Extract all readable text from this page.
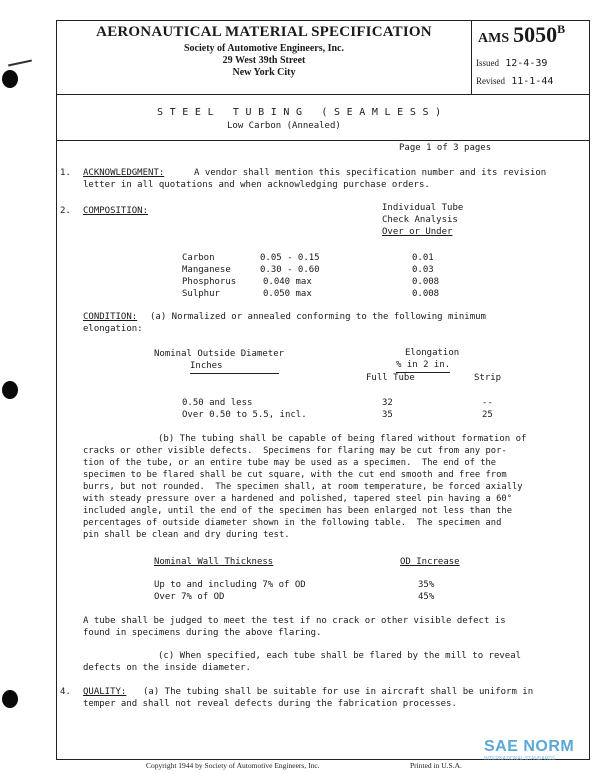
AERONAUTICAL MATERIAL SPECIFICATION
Society of Automotive Engineers, Inc.
29 West 39th Street
New York City
AMS $5050^B$
Issued 12-4-39
Revised 11-1-44
S T E E L   T U B I N G   ( S E A M L E S S )
Low Carbon (Annealed)
Page 1 of 3 pages
1. ACKNOWLEDGMENT:	A vendor shall mention this specification number and its revision
letter in all quotations and when acknowledging purchase orders.
2. COMPOSITION:	Individual Tube
Check Analysis
Over or Under
Carbon	0.05 - 0.15	0.01
Manganese	0.30 - 0.60	0.03
Phosphorus	0.040 max	0.008
Sulphur	0.050 max	0.008
CONDITION: (a) Normalized or annealed conforming to the following minimum
elongation:
Nominal Outside Diameter
Inches
Elongation
% in 2 in.
Full Tube	Strip
0.50 and less	32	--
Over 0.50 to 5.5, incl.	35	25
(b) The tubing shall be capable of being flared without formation of
cracks or other visible defects.  Specimens for flaring may be cut from any por-
tion of the tube, or an entire tube may be used as a specimen.  The end of the
specimen to be flared shall be cut square, with the cut end smooth and free from
burrs, but not rounded.  The specimen shall, at room temperature, be forced axially
with steady pressure over a hardened and polished, tapered steel pin having a 60°
included angle, until the end of the specimen has been enlarged not less than the
percentages of outside diameter shown in the following table.  The specimen and
pin shall be clean and dry during test.
Nominal Wall Thickness	OD Increase
Up to and including 7% of OD	35%
Over 7% of OD	45%
A tube shall be judged to meet the test if no crack or other visible defect is
found in specimens during the above flaring.
(c) When specified, each tube shall be flared by the mill to reveal
defects on the inside diameter.
4. QUALITY: (a) The tubing shall be suitable for use in aircraft shall be uniform in
temper and shall not reveal defects during the fabrication processes.
Copyright 1944 by Society of Automotive Engineers, Inc.	Printed in U.S.A.
SAE NORM
INTERNATIONAL STANDARDS
